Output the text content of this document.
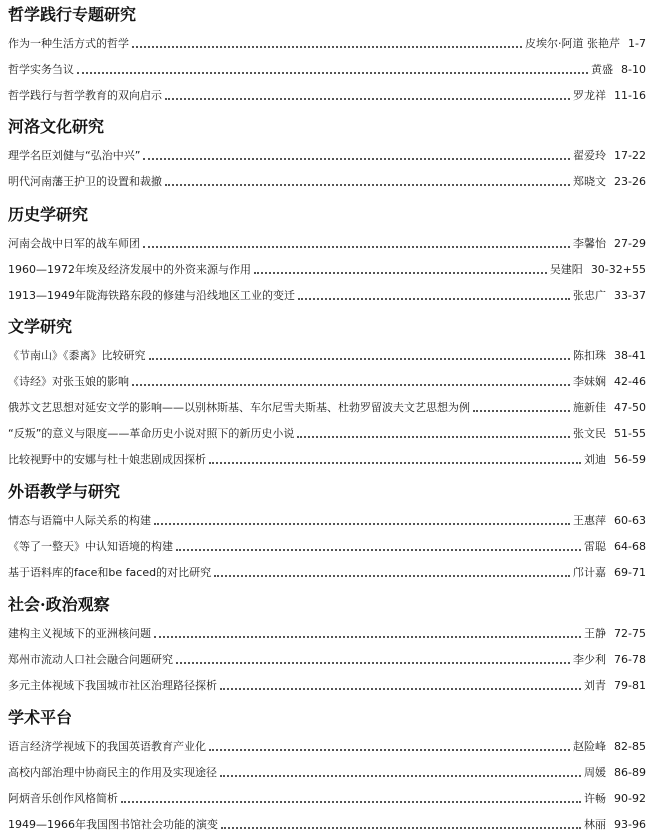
哲学践行专题研究
作为一种生活方式的哲学	皮埃尔·阿道 张艳芹 1-7
哲学实务刍议	黄盛 8-10
哲学践行与哲学教育的双向启示	罗龙祥 11-16
河洛文化研究
理学名臣刘健与“弘治中兴”	翟爱玲 17-22
明代河南藩王护卫的设置和裁撤	郑晓文 23-26
历史学研究
河南会战中日军的战车师团	李馨怡 27-29
1960—1972年埃及经济发展中的外资来源与作用	吴建阳 30-32+55
1913—1949年陇海铁路东段的修建与沿线地区工业的变迁	张忠广 33-37
文学研究
《节南山》《黍离》比较研究	陈扣珠 38-41
《诗经》对张玉娘的影响	李妹娴 42-46
俄苏文艺思想对延安文学的影响——以别林斯基、车尔尼雪夫斯基、杜勃罗留波夫文艺思想为例	施新佳 47-50
“反叛”的意义与限度——革命历史小说对照下的新历史小说	张文民 51-55
比较视野中的安娜与杜十娘悲剧成因探析	刘迪 56-59
外语教学与研究
情态与语篇中人际关系的构建	王惠萍 60-63
《等了一整天》中认知语境的构建	雷聪 64-68
基于语料库的face和be faced的对比研究	邝计嘉 69-71
社会·政治观察
建构主义视域下的亚洲核问题	王静 72-75
郑州市流动人口社会融合问题研究	李少利 76-78
多元主体视域下我国城市社区治理路径探析	刘青 79-81
学术平台
语言经济学视域下的我国英语教育产业化	赵险峰 82-85
高校内部治理中协商民主的作用及实现途径	周媛 86-89
阿炳音乐创作风格简析	许畅 90-92
1949—1966年我国图书馆社会功能的演变	林丽 93-96
